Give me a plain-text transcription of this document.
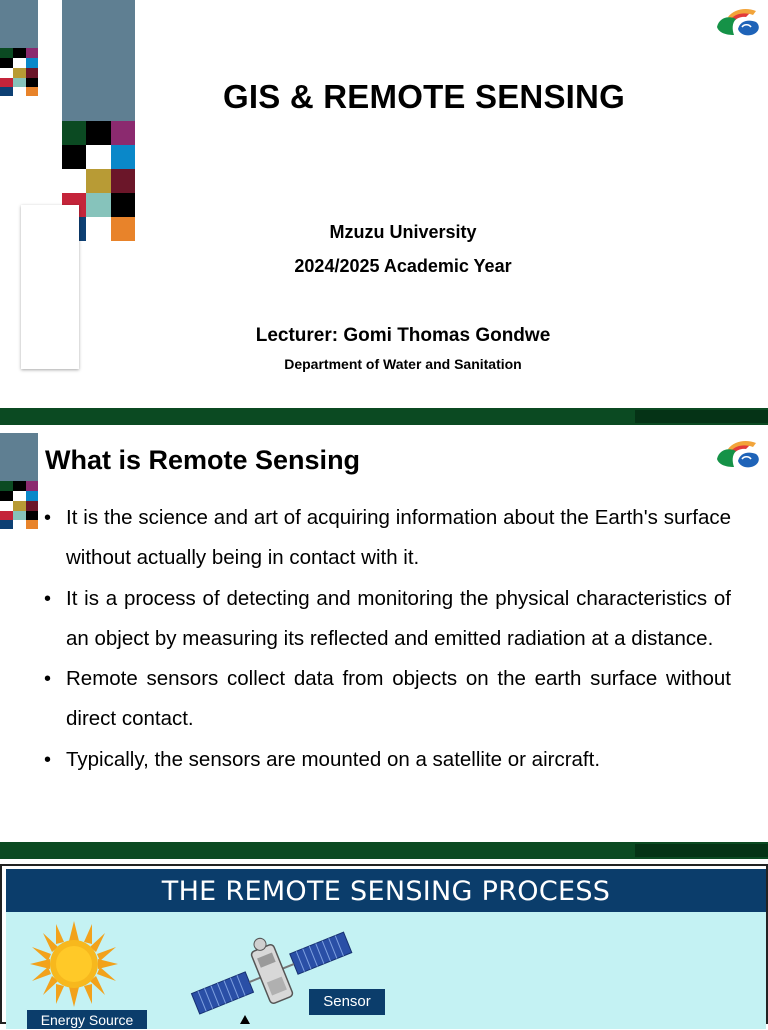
GIS & REMOTE SENSING
Mzuzu University
2024/2025 Academic Year
Lecturer: Gomi Thomas Gondwe
Department of Water and Sanitation
What is Remote Sensing
• It is the science and art of acquiring information about the Earth's surface without actually being in contact with it.
• It is a process of detecting and monitoring the physical characteristics of an object by measuring its reflected and emitted radiation at a distance.
• Remote sensors collect data from objects on the earth surface without direct contact.
• Typically, the sensors are mounted on a satellite or aircraft.
THE REMOTE SENSING PROCESS
Energy Source
Sensor
